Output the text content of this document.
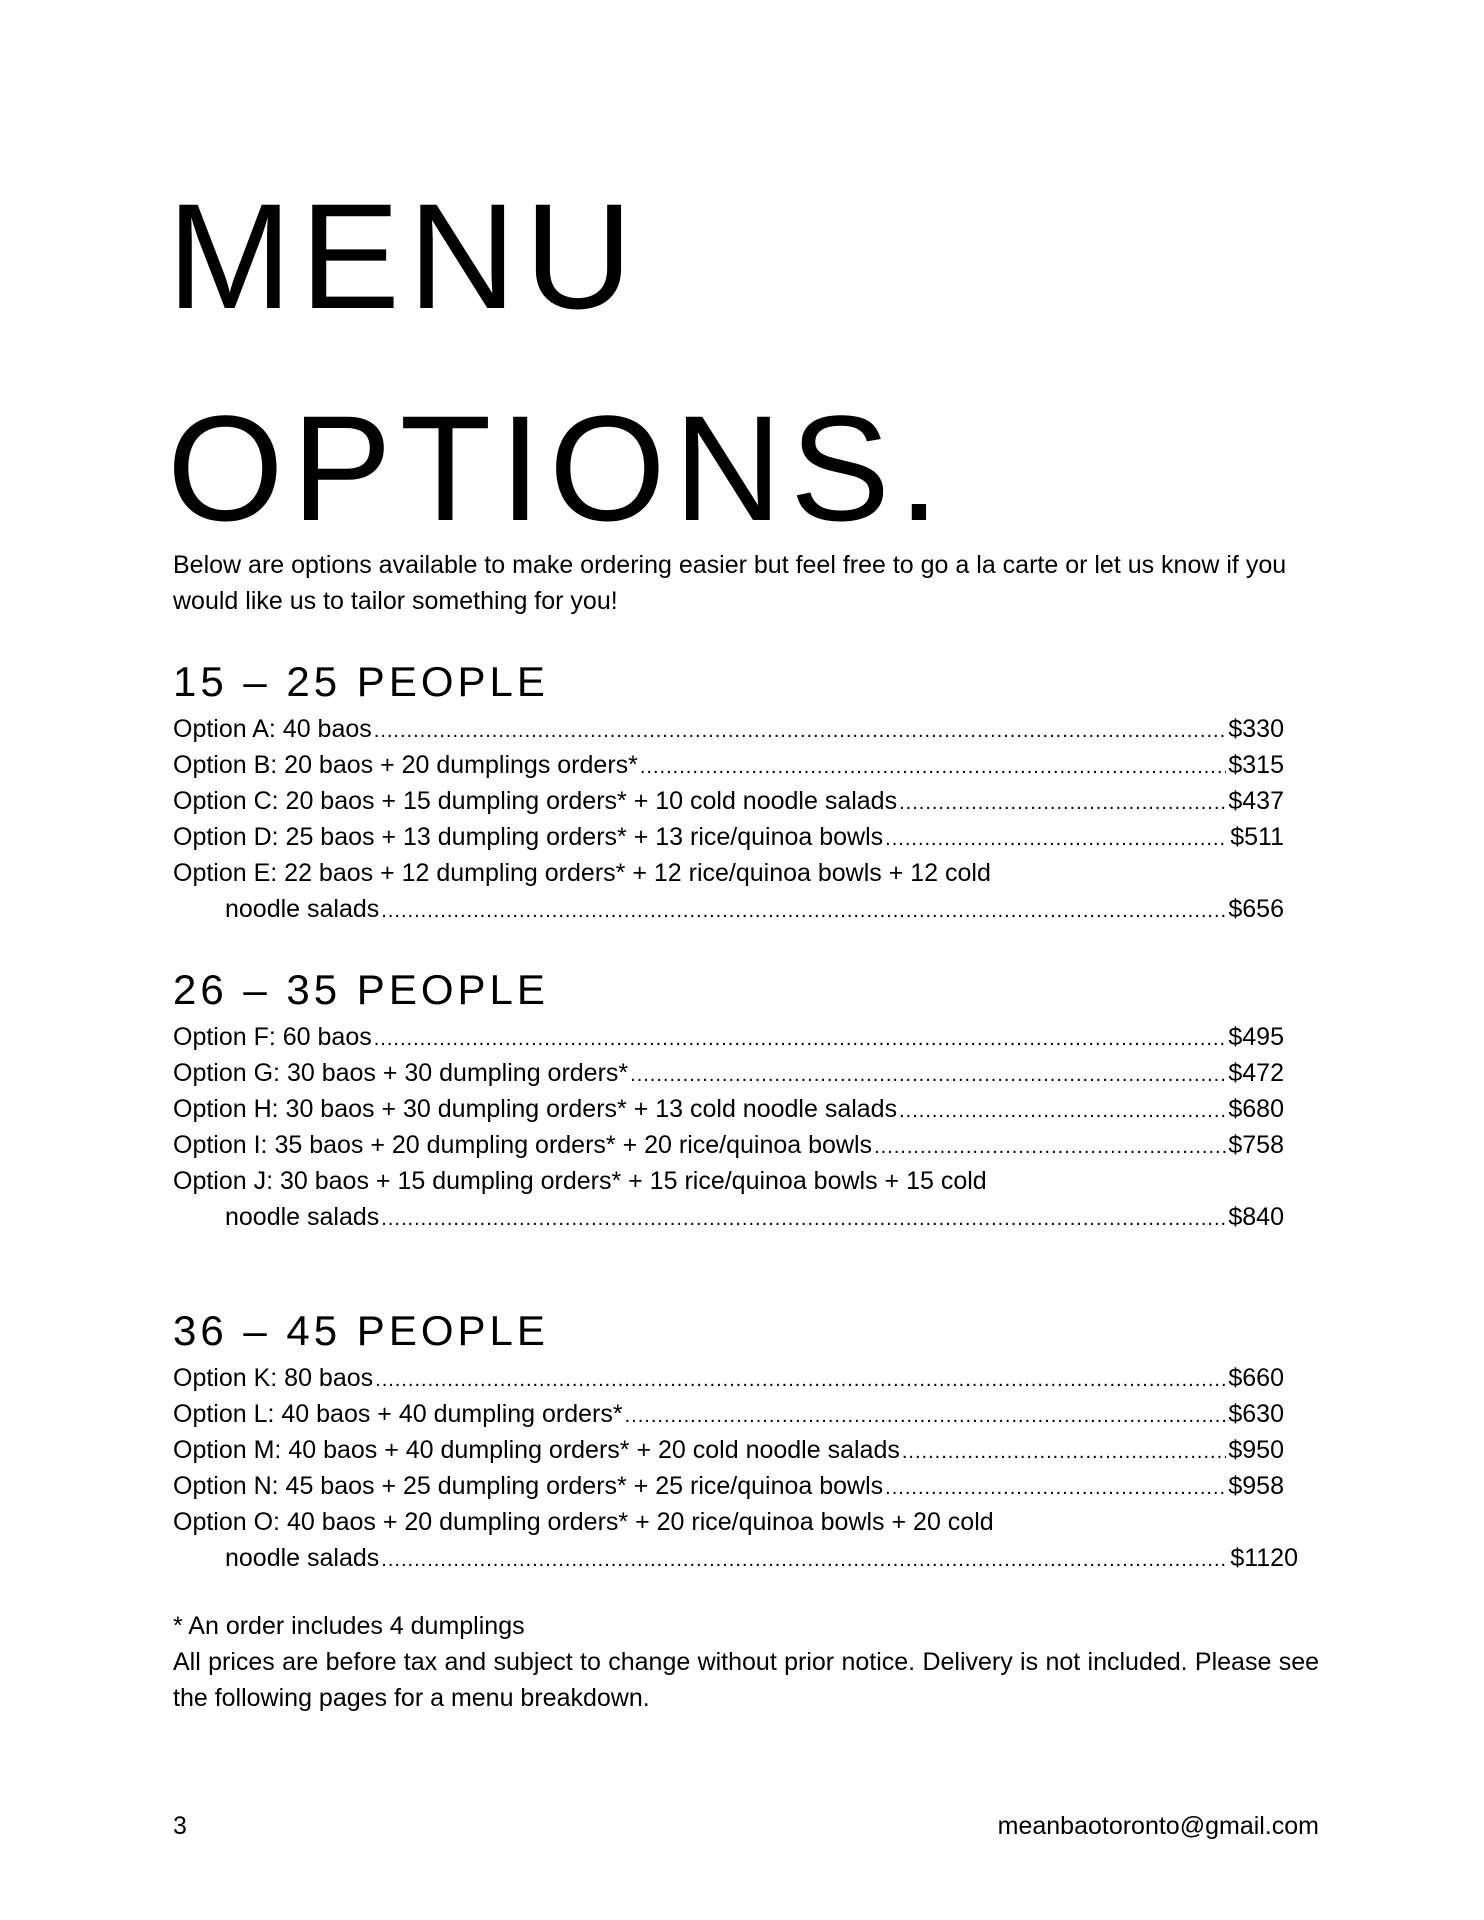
MENU
OPTIONS.

Below are options available to make ordering easier but feel free to go a la carte or let us know if you would like us to tailor something for you!

15 – 25 PEOPLE
Option A: 40 baos .....	$330
Option B: 20 baos + 20 dumplings orders* .....	$315
Option C: 20 baos + 15 dumpling orders* + 10 cold noodle salads .....	$437
Option D: 25 baos + 13 dumpling orders* + 13 rice/quinoa bowls .....	$511
Option E: 22 baos + 12 dumpling orders* + 12 rice/quinoa bowls + 12 cold
noodle salads .....	$656
26 – 35 PEOPLE
Option F: 60 baos .....	$495
Option G: 30 baos + 30 dumpling orders* .....	$472
Option H: 30 baos + 30 dumpling orders* + 13 cold noodle salads .....	$680
Option I: 35 baos + 20 dumpling orders* + 20 rice/quinoa bowls .....	$758
Option J: 30 baos + 15 dumpling orders* + 15 rice/quinoa bowls + 15 cold
noodle salads .....	$840
36 – 45 PEOPLE
Option K: 80 baos .....	$660
Option L: 40 baos + 40 dumpling orders* .....	$630
Option M: 40 baos + 40 dumpling orders* + 20 cold noodle salads .....	$950
Option N: 45 baos + 25 dumpling orders* + 25 rice/quinoa bowls .....	$958
Option O: 40 baos + 20 dumpling orders* + 20 rice/quinoa bowls + 20 cold
noodle salads .....	$1120
* An order includes 4 dumplings
All prices are before tax and subject to change without prior notice. Delivery is not included. Please see the following pages for a menu breakdown.
3	meanbaotoronto@gmail.com
